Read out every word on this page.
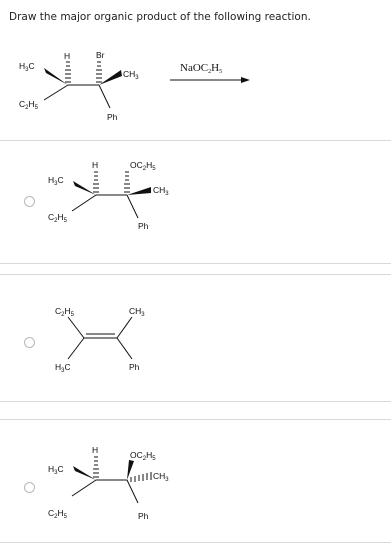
Draw the major organic product of the following reaction.
H	Br
$H_3C$
$CH_3$
$C_2H_5$
Ph
NaOC2H5
H	$OC_2H_5$
$H_3C$
$CH_3$
$C_2H_5$	Ph
$C_2H_5$	$CH_3$
$H_3C$	Ph
H	$OC_2H_5$
$H_3C$
$CH_3$
$C_2H_5$	Ph
